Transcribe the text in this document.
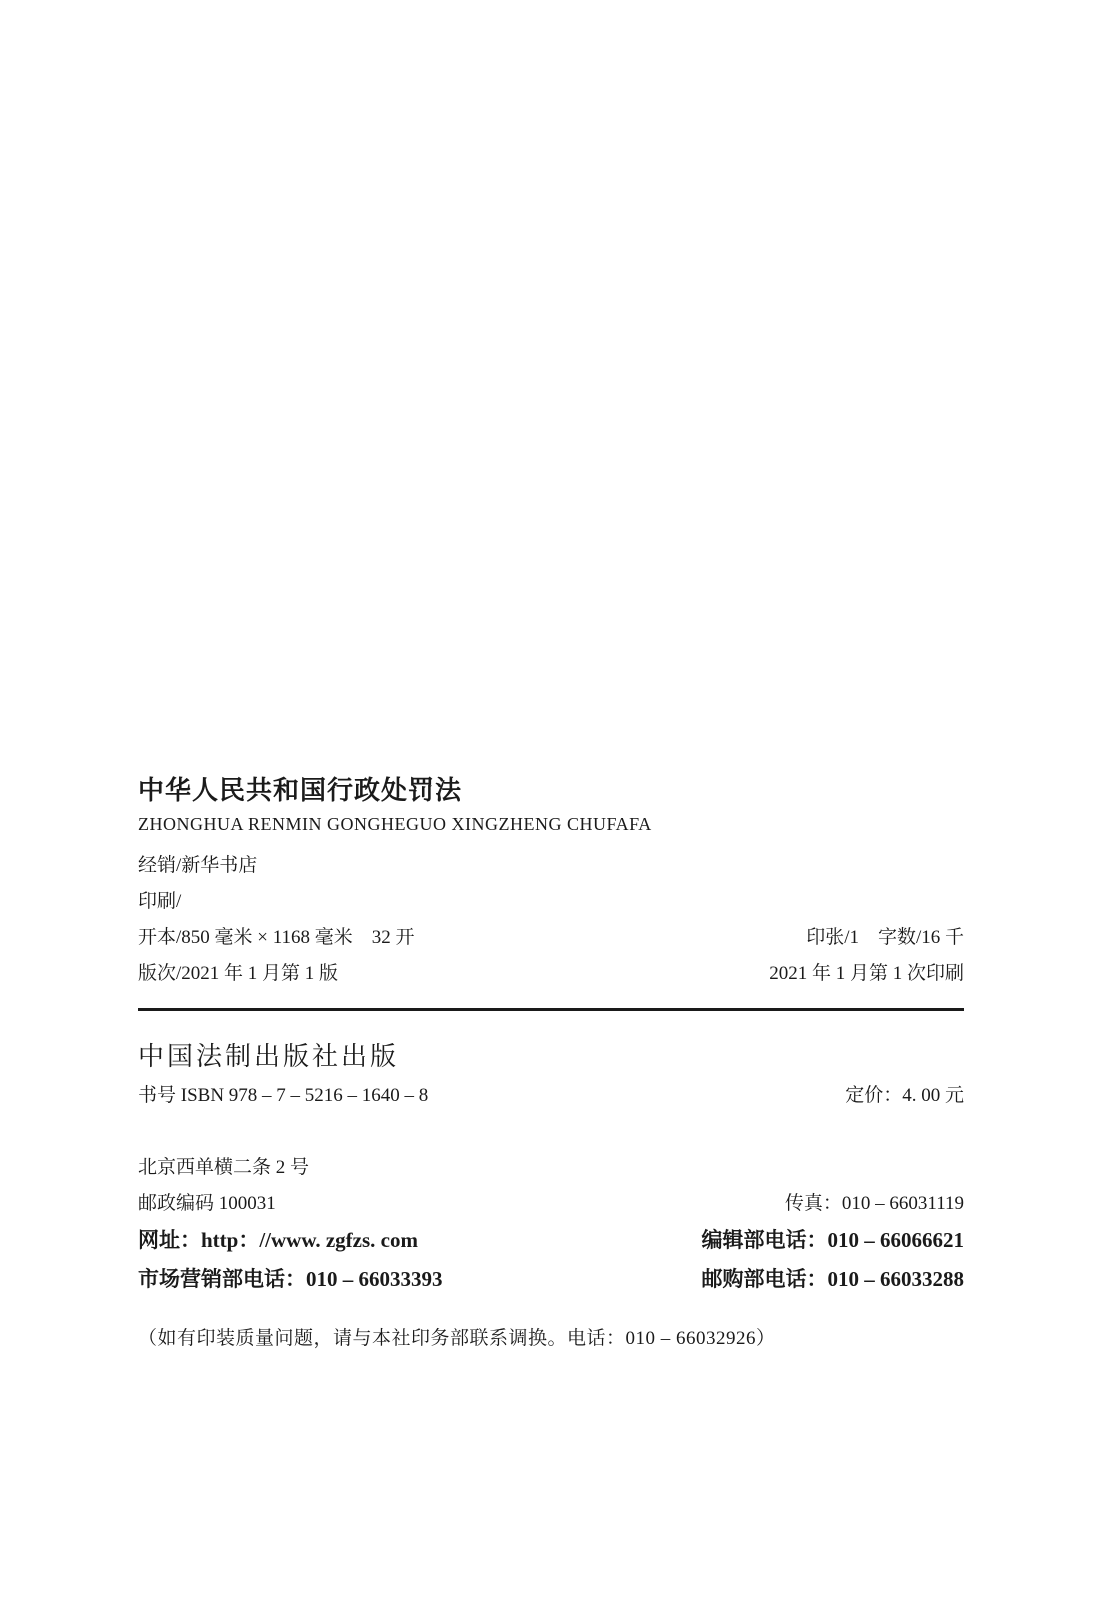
中华人民共和国行政处罚法
ZHONGHUA RENMIN GONGHEGUO XINGZHENG CHUFAFA
经销/新华书店
印刷/
开本/850 毫米 × 1168 毫米　32 开	印张/1　字数/16 千
版次/2021 年 1 月第 1 版	2021 年 1 月第 1 次印刷
中国法制出版社出版
书号 ISBN 978 – 7 – 5216 – 1640 – 8	定价：4. 00 元
北京西单横二条 2 号
邮政编码 100031	传真：010 – 66031119
网址：http：//www. zgfzs. com	编辑部电话：010 – 66066621
市场营销部电话：010 – 66033393	邮购部电话：010 – 66033288
（如有印装质量问题，请与本社印务部联系调换。电话：010 – 66032926）
